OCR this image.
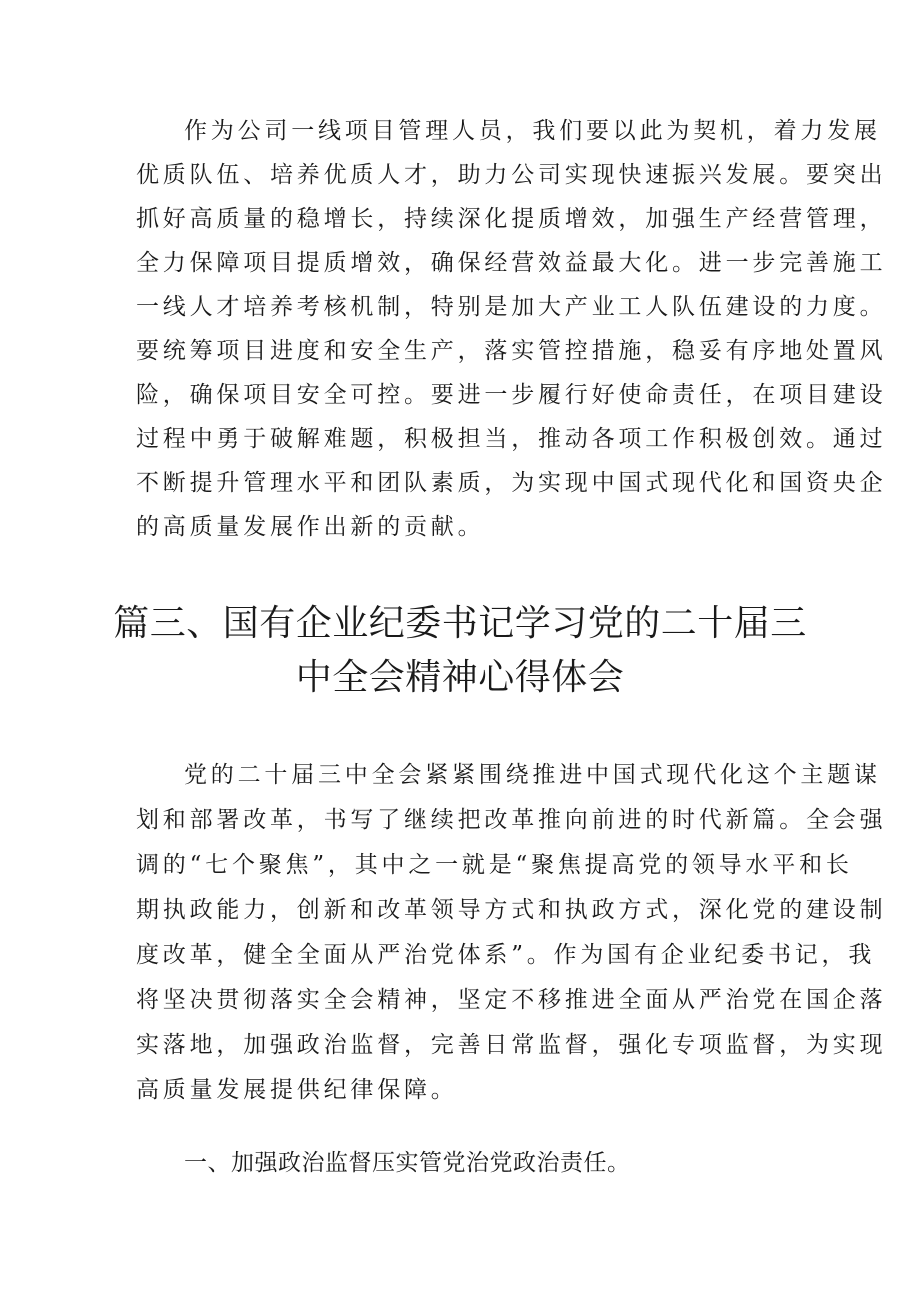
作为公司一线项目管理人员，我们要以此为契机，着力发展
优质队伍、培养优质人才，助力公司实现快速振兴发展。要突出
抓好高质量的稳增长，持续深化提质增效，加强生产经营管理，
全力保障项目提质增效，确保经营效益最大化。进一步完善施工
一线人才培养考核机制，特别是加大产业工人队伍建设的力度。
要统筹项目进度和安全生产，落实管控措施，稳妥有序地处置风
险，确保项目安全可控。要进一步履行好使命责任，在项目建设
过程中勇于破解难题，积极担当，推动各项工作积极创效。通过
不断提升管理水平和团队素质，为实现中国式现代化和国资央企
的高质量发展作出新的贡献。
篇三、国有企业纪委书记学习党的二十届三
中全会精神心得体会
党的二十届三中全会紧紧围绕推进中国式现代化这个主题谋
划和部署改革，书写了继续把改革推向前进的时代新篇。全会强
调的“七个聚焦”，其中之一就是“聚焦提高党的领导水平和长
期执政能力，创新和改革领导方式和执政方式，深化党的建设制
度改革，健全全面从严治党体系”。作为国有企业纪委书记，我
将坚决贯彻落实全会精神，坚定不移推进全面从严治党在国企落
实落地，加强政治监督，完善日常监督，强化专项监督，为实现
高质量发展提供纪律保障。
一、加强政治监督压实管党治党政治责任。
